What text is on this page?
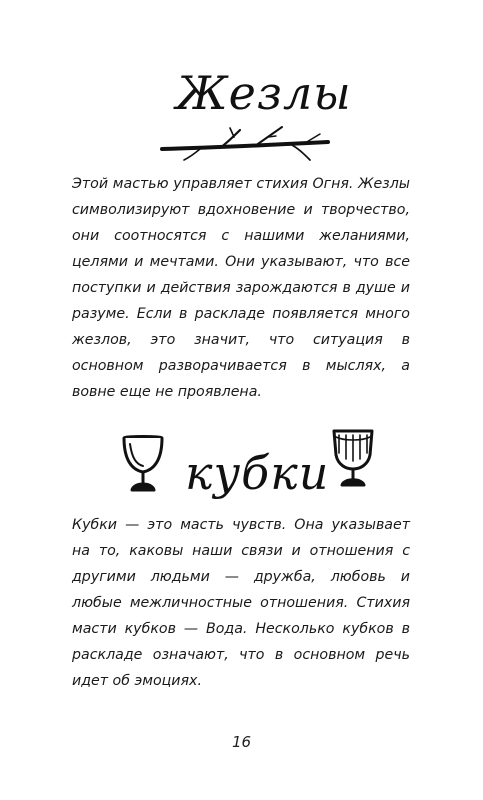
Жезлы

Этой мастью управляет стихия Огня. Жезлы символизируют вдохновение и творчество, они соотносятся с нашими желаниями, целями и мечтами. Они указывают, что все поступки и действия зарождаются в душе и разуме. Если в раскладе появляется много жезлов, это значит, что ситуация в основном разворачивается в мыслях, а вовне еще не проявлена.

кубки

Кубки — это масть чувств. Она указывает на то, каковы наши связи и отношения с другими людьми — дружба, любовь и любые межличностные отношения. Стихия масти кубков — Вода. Несколько кубков в раскладе означают, что в основном речь идет об эмоциях.

16
